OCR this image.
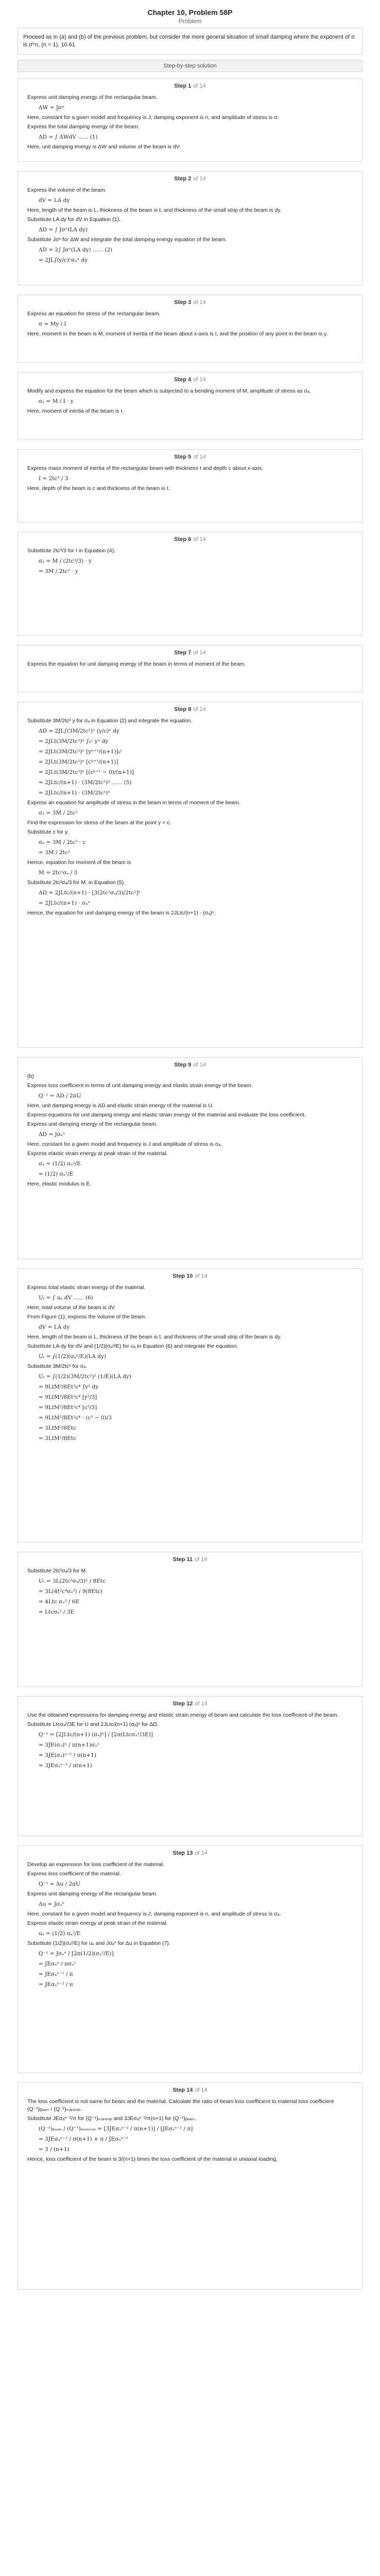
Chapter 10, Problem 58P
Problem
Proceed as in (a) and (b) of the previous problem, but consider the more general situation of small damping where the exponent of σ is σ^n, (n = 1), 10.61
Step-by-step solution
Step 1 of 14
Express unit damping energy of the rectangular beam.
ΔW = Jσⁿ
Here, constant for a given model and frequency is J, damping exponent is n, and amplitude of stress is σ.
Express the total damping energy of the beam.
ΔD = ∫ ΔWdV ...... (1)
Here, unit damping energy is ΔW and volume of the beam is dV.
Step 2 of 14
Express the volume of the beam.
dV = LA dy
Here, length of the beam is L, thickness of the beam is t, and thickness of the small strip of the beam is dy.
Substitute LA dy for dV in Equation (1).
ΔD = ∫ Jσⁿ(LA dy)
Substitute Jσⁿ for ΔW and integrate the total damping energy equation of the beam.
ΔD = 2∫ Jσⁿ(LA dy) ...... (2)
= 2JL∫(y/c)ⁿσₐⁿ dy
Step 3 of 14
Express an equation for stress of the rectangular beam.
σ = My / I
Here, moment in the beam is M, moment of inertia of the beam about x-axis is I, and the position of any point in the beam is y.
Step 4 of 14
Modify and express the equation for the beam which is subjected to a bending moment of M, amplitude of stress as σₐ.
σₐ = M / I · y
Here, moment of inertia of the beam is I.
Step 5 of 14
Express mass moment of inertia of the rectangular beam with thickness t and depth c about x-axis.
I = 2tc³ / 3
Here, depth of the beam is c and thickness of the beam is t.
Step 6 of 14
Substitute 2tc³/3 for I in Equation (4).
σₐ = M / (2tc³/3) · y
= 3M / 2tc³ · y
Step 7 of 14
Express the equation for unit damping energy of the beam in terms of moment of the beam.
Step 8 of 14
Substitute 3M/2tc³ y for σₐ in Equation (2) and integrate the equation.
ΔD = 2JL∫(3M/2tc²)ⁿ (y/c)ⁿ dy
= 2JLt(3M/2tc²)ⁿ ∫₀ᶜ yⁿ dy
= 2JLt(3M/2tc²)ⁿ [yⁿ⁺¹/(n+1)]₀ᶜ
= 2JLt(3M/2tc²)ⁿ [cⁿ⁺¹/(n+1)]
= 2JLt(3M/2tc²)ⁿ [(cⁿ⁺¹ − 0)/(n+1)]
= 2JLtc/(n+1) · (3M/2tc²)ⁿ ...... (5)
= 2JLtc/(n+1) · (3M/2tc²)ⁿ
Express an equation for amplitude of stress in the beam in terms of moment of the beam.
σₐ = 3M / 2tc²
Find the expression for stress of the beam at the point y = c.
Substitute c for y.
σₐ = 3M / 2tc³ · c
= 3M / 2tc²
Hence, equation for moment of the beam is
M = 2tc²σₐ / 3
Substitute 2tc²σₐ/3 for M, in Equation (5).
ΔD = 2JLtc/(n+1) · [3(2tc²σₐ/3)/2tc²]ⁿ
= 2JLtc/(n+1) · σₐⁿ
Hence, the equation for unit damping energy of the beam is 2JLtc/(n+1) · (σₐ)ⁿ.
Step 9 of 14
(b)
Express loss coefficient in terms of unit damping energy and elastic strain energy of the beam.
Q⁻¹ = ΔD / 2πU
Here, unit damping energy is ΔD and elastic strain energy of the material is U.
Express equations for unit damping energy and elastic strain energy of the material and evaluate the loss coefficient.
Express unit damping energy of the rectangular beam.
ΔD = Jσₐⁿ
Here, constant for a given model and frequency is J and amplitude of stress is σₐ.
Express elastic strain energy at peak strain of the material.
σₐ = (1/2) σₐ²/E
= (1/2) σₐ²/E
Here, elastic modulus is E.
Step 10 of 14
Express total elastic strain energy of the material.
Uₜ = ∫ uₐ dV ...... (6)
Here, total volume of the beam is dV.
From Figure (1), express the volume of the beam.
dV = LA dy
Here, length of the beam is L, thickness of the beam is t, and thickness of the small strip of the beam is dy.
Substitute LA dy for dV and (1/2)(σₐ²/E) for uₐ in Equation (6) and integrate the equation.
Uₜ = ∫(1/2)(σₐ²/E)(LA dy)
Substitute 3M/2tc² for σₐ.
Uₜ = ∫(1/2)(3M/2tc²)² (1/E)(LA dy)
= 9LtM²/8Et²c⁴ ∫y² dy
= 9LtM²/8Et²c⁴ [y³/3]
= 9LtM²/8Et²c⁴ [c³/3]
= 9LtM²/8Et²c⁴ · (c³ − 0)/3
= 3LtM²/8Etc
= 3LtM²/8Etc
Step 11 of 14
Substitute 2tc²σₐ/3 for M.
Uₜ = 3L(2tc²σₐ/3)² / 8Etc
= 3L(4t²c⁴σₐ²) / 9(8Etc)
= 4Ltc σₐ² / 6E
= Ltcσₐ² / 3E
Step 12 of 14
Use the obtained expressions for damping energy and elastic strain energy of beam and calculate the loss coefficient of the beam.
Substitute Ltcσₐ²/3E for U and 2JLtc/(n+1) (σₐ)ⁿ for ΔD.
Q⁻¹ = [2JLtc/(n+1) (σₐ)ⁿ] / [2π(Ltcσₐ²/3E)]
= 3JE(σₐ)ⁿ / π(n+1)σₐ²
= 3JE(σₐ)ⁿ⁻² / π(n+1)
= 3JEσₐⁿ⁻² / π(n+1)
Step 13 of 14
Develop an expression for loss coefficient of the material.
Express loss coefficient of the material.
Q⁻¹ = Δu / 2πU
Express unit damping energy of the rectangular beam.
Δu = Jσₐⁿ
Here, constant for a given model and frequency is J, damping exponent is n, and amplitude of stress is σₐ.
Express elastic strain energy at peak strain of the material.
uₐ = (1/2) σₐ²/E
Substitute (1/2)(σₐ²/E) for uₐ and Jσₐⁿ for Δu in Equation (7).
Q⁻¹ = Jσₐⁿ / [2π(1/2)(σₐ²/E)]
= JEσₐⁿ / πσₐ²
= JEσₐⁿ⁻² / π
= JEσₐⁿ⁻² / π
Step 14 of 14
The loss coefficient is not same for beam and the material. Calculate the ratio of beam loss coefficient to material loss coefficient (Q⁻¹)ᵦₑₐₘ / (Q⁻¹)ₘₐₜₑᵣᵢₐₗ.
Substitute JEσₐⁿ⁻²/π for (Q⁻¹)ₘₐₜₑᵣᵢₐₗ and 3JEσₐⁿ⁻²/π(n+1) for (Q⁻¹)ᵦₑₐₘ.
(Q⁻¹)ᵦₑₐₘ / (Q⁻¹)ₘₐₜₑᵣᵢₐₗ = [3JEσₐⁿ⁻² / π(n+1)] / [JEσₐⁿ⁻² / π]
= 3JEσₐⁿ⁻² / π(n+1) × π / JEσₐⁿ⁻²
= 3 / (n+1)
Hence, loss coefficient of the beam is 3/(n+1) times the loss coefficient of the material in uniaxial loading.
